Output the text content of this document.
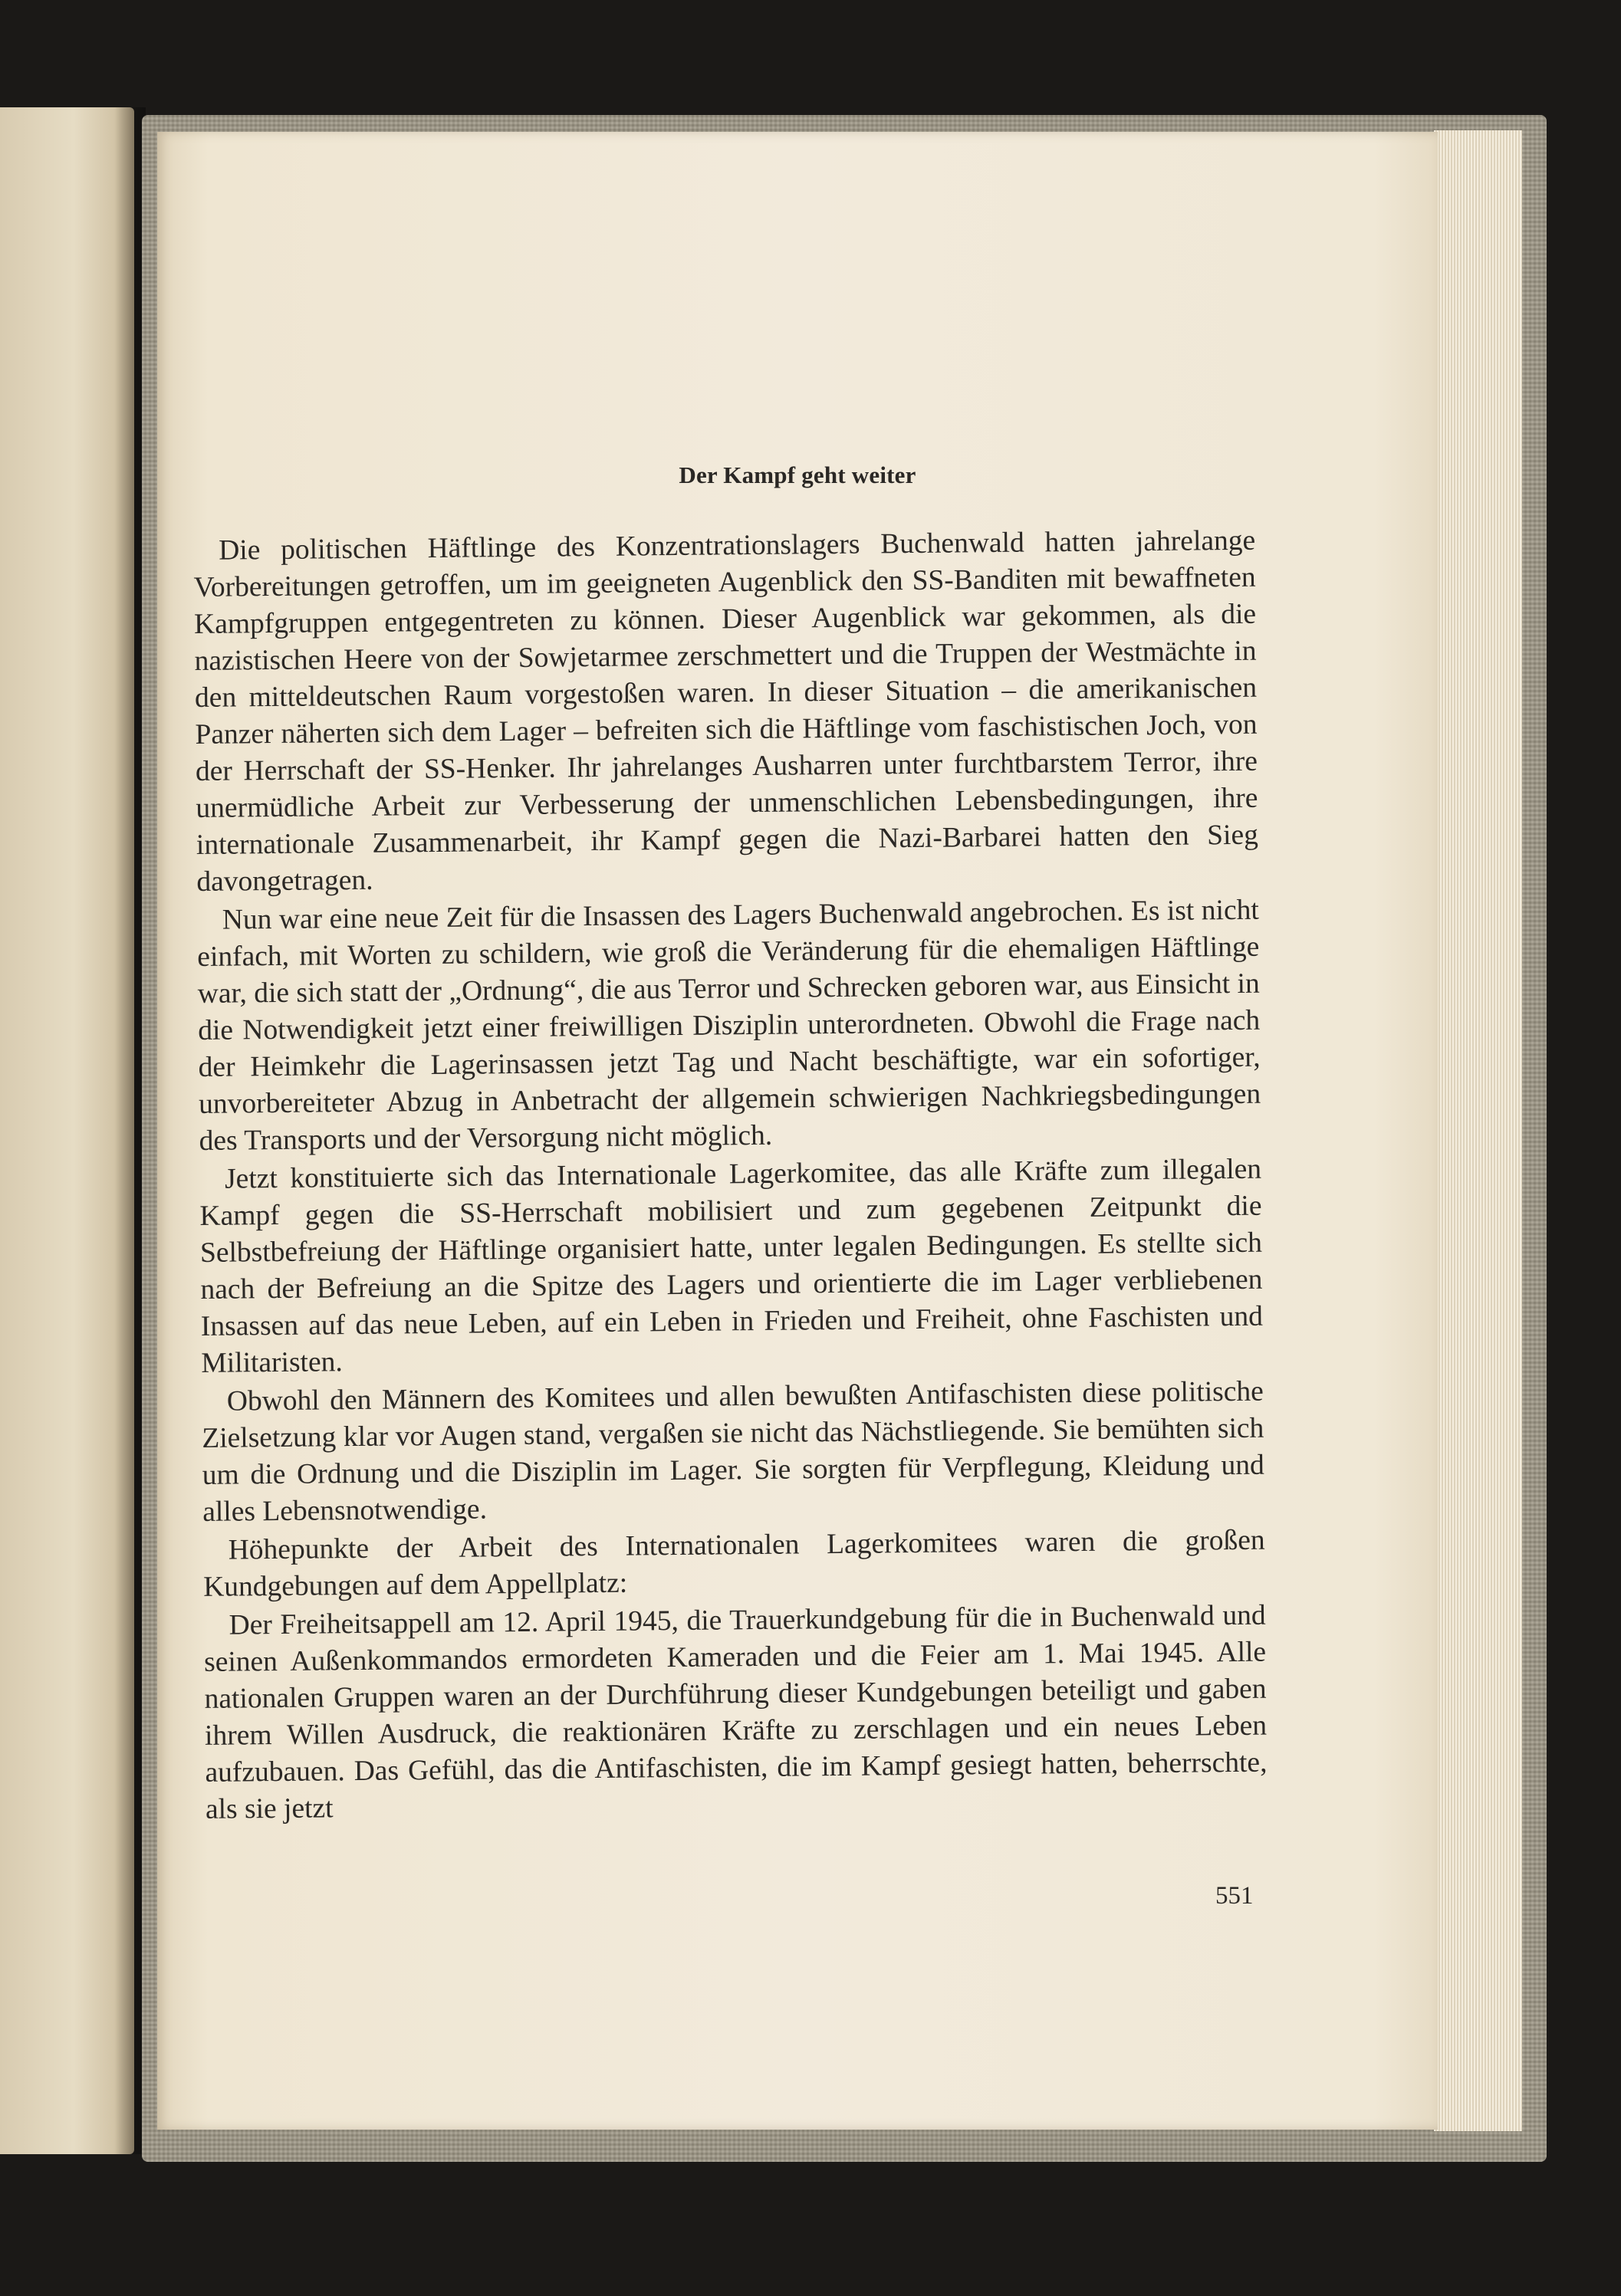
Der Kampf geht weiter

Die politischen Häftlinge des Konzentrationslagers Buchenwald hatten jahrelange Vorbereitungen getroffen, um im geeigneten Augenblick den SS-Banditen mit bewaffneten Kampfgruppen entgegentreten zu können. Dieser Augenblick war gekommen, als die nazistischen Heere von der Sowjetarmee zerschmettert und die Truppen der Westmächte in den mitteldeutschen Raum vorgestoßen waren. In dieser Situation – die amerikanischen Panzer näherten sich dem Lager – befreiten sich die Häftlinge vom faschistischen Joch, von der Herrschaft der SS-Henker. Ihr jahrelanges Ausharren unter furchtbarstem Terror, ihre unermüdliche Arbeit zur Verbesserung der unmenschlichen Lebensbedingungen, ihre internationale Zusammenarbeit, ihr Kampf gegen die Nazi-Barbarei hatten den Sieg davongetragen.

Nun war eine neue Zeit für die Insassen des Lagers Buchenwald angebrochen. Es ist nicht einfach, mit Worten zu schildern, wie groß die Veränderung für die ehemaligen Häftlinge war, die sich statt der „Ordnung“, die aus Terror und Schrecken geboren war, aus Einsicht in die Notwendigkeit jetzt einer freiwilligen Disziplin unterordneten. Obwohl die Frage nach der Heimkehr die Lagerinsassen jetzt Tag und Nacht beschäftigte, war ein sofortiger, unvorbereiteter Abzug in Anbetracht der allgemein schwierigen Nachkriegsbedingungen des Transports und der Versorgung nicht möglich.

Jetzt konstituierte sich das Internationale Lagerkomitee, das alle Kräfte zum illegalen Kampf gegen die SS-Herrschaft mobilisiert und zum gegebenen Zeitpunkt die Selbstbefreiung der Häftlinge organisiert hatte, unter legalen Bedingungen. Es stellte sich nach der Befreiung an die Spitze des Lagers und orientierte die im Lager verbliebenen Insassen auf das neue Leben, auf ein Leben in Frieden und Freiheit, ohne Faschisten und Militaristen.

Obwohl den Männern des Komitees und allen bewußten Antifaschisten diese politische Zielsetzung klar vor Augen stand, vergaßen sie nicht das Nächstliegende. Sie bemühten sich um die Ordnung und die Disziplin im Lager. Sie sorgten für Verpflegung, Kleidung und alles Lebensnotwendige.

Höhepunkte der Arbeit des Internationalen Lagerkomitees waren die großen Kundgebungen auf dem Appellplatz:

Der Freiheitsappell am 12. April 1945, die Trauerkundgebung für die in Buchenwald und seinen Außenkommandos ermordeten Kameraden und die Feier am 1. Mai 1945. Alle nationalen Gruppen waren an der Durchführung dieser Kundgebungen beteiligt und gaben ihrem Willen Ausdruck, die reaktionären Kräfte zu zerschlagen und ein neues Leben aufzubauen. Das Gefühl, das die Antifaschisten, die im Kampf gesiegt hatten, beherrschte, als sie jetzt

551
